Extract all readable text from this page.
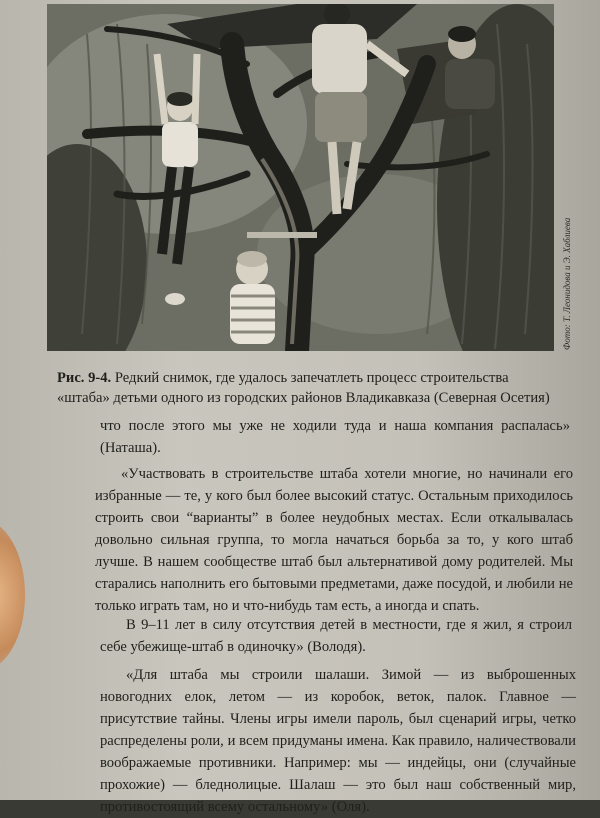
Фото: Т. Леонидова и Э. Хаблиева
Рис. 9-4. Редкий снимок, где удалось запечатлеть процесс строительства «штаба» детьми одного из городских районов Владикавказа (Северная Осетия)

что после этого мы уже не ходили туда и наша компания распалась» (Наташа).

«Участвовать в строительстве штаба хотели многие, но начинали его избранные — те, у кого был более высокий статус. Остальным приходилось строить свои “варианты” в более неудобных местах. Если откалывалась довольно сильная группа, то могла начаться борьба за то, у кого штаб лучше. В нашем сообществе штаб был альтернативой дому родителей. Мы старались наполнить его бытовыми предметами, даже посудой, и любили не только играть там, но и что-нибудь там есть, а иногда и спать.

В 9–11 лет в силу отсутствия детей в местности, где я жил, я строил себе убежище-штаб в одиночку» (Володя).

«Для штаба мы строили шалаши. Зимой — из выброшенных новогодних елок, летом — из коробок, веток, палок. Главное — присутствие тайны. Члены игры имели пароль, был сценарий игры, четко распределены роли, и всем придуманы имена. Как правило, наличествовали воображаемые противники. Например: мы — индейцы, они (случайные прохожие) — бледнолицые. Шалаш — это был наш собственный мир, противостоящий всему остальному» (Оля).
